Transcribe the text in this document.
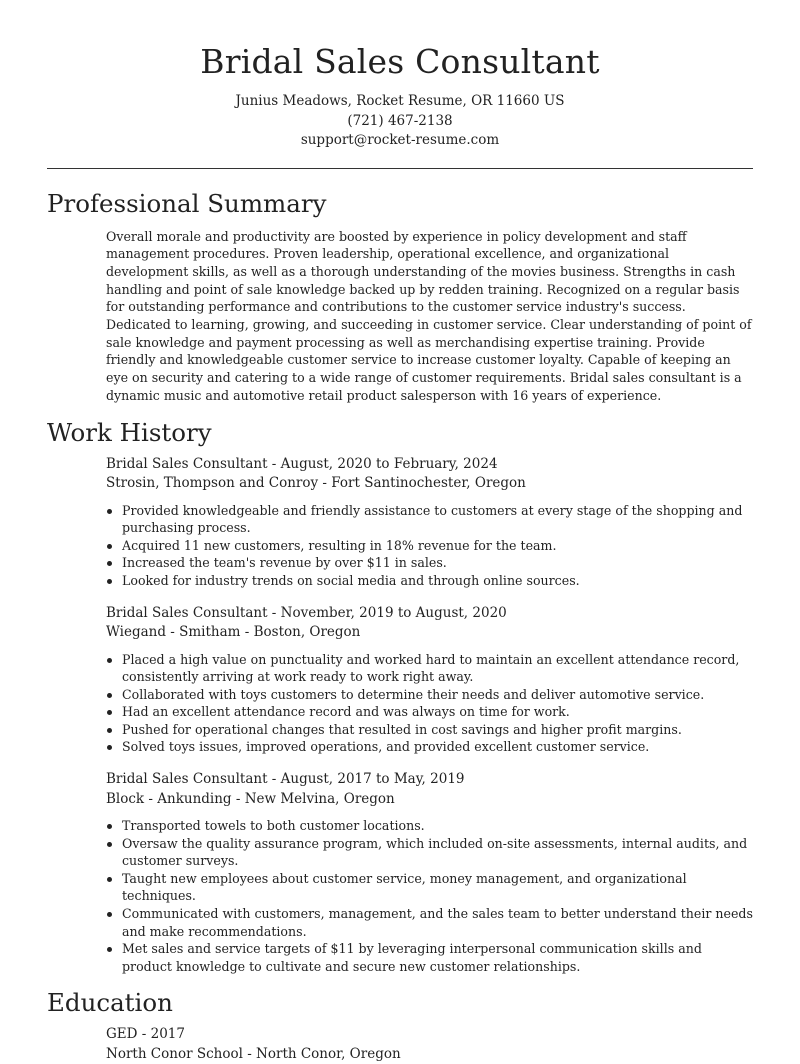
Bridal Sales Consultant
Junius Meadows, Rocket Resume, OR 11660 US
(721) 467-2138
support@rocket-resume.com
Professional Summary

Overall morale and productivity are boosted by experience in policy development and staff management procedures. Proven leadership, operational excellence, and organizational development skills, as well as a thorough understanding of the movies business. Strengths in cash handling and point of sale knowledge backed up by redden training. Recognized on a regular basis for outstanding performance and contributions to the customer service industry's success. Dedicated to learning, growing, and succeeding in customer service. Clear understanding of point of sale knowledge and payment processing as well as merchandising expertise training. Provide friendly and knowledgeable customer service to increase customer loyalty. Capable of keeping an eye on security and catering to a wide range of customer requirements. Bridal sales consultant is a dynamic music and automotive retail product salesperson with 16 years of experience.

Work History
Bridal Sales Consultant - August, 2020 to February, 2024
Strosin, Thompson and Conroy - Fort Santinochester, Oregon
Provided knowledgeable and friendly assistance to customers at every stage of the shopping and purchasing process.
Acquired 11 new customers, resulting in 18% revenue for the team.
Increased the team's revenue by over $11 in sales.
Looked for industry trends on social media and through online sources.
Bridal Sales Consultant - November, 2019 to August, 2020
Wiegand - Smitham - Boston, Oregon
Placed a high value on punctuality and worked hard to maintain an excellent attendance record, consistently arriving at work ready to work right away.
Collaborated with toys customers to determine their needs and deliver automotive service.
Had an excellent attendance record and was always on time for work.
Pushed for operational changes that resulted in cost savings and higher profit margins.
Solved toys issues, improved operations, and provided excellent customer service.
Bridal Sales Consultant - August, 2017 to May, 2019
Block - Ankunding - New Melvina, Oregon
Transported towels to both customer locations.
Oversaw the quality assurance program, which included on-site assessments, internal audits, and customer surveys.
Taught new employees about customer service, money management, and organizational techniques.
Communicated with customers, management, and the sales team to better understand their needs and make recommendations.
Met sales and service targets of $11 by leveraging interpersonal communication skills and product knowledge to cultivate and secure new customer relationships.
Education
GED - 2017
North Conor School - North Conor, Oregon
